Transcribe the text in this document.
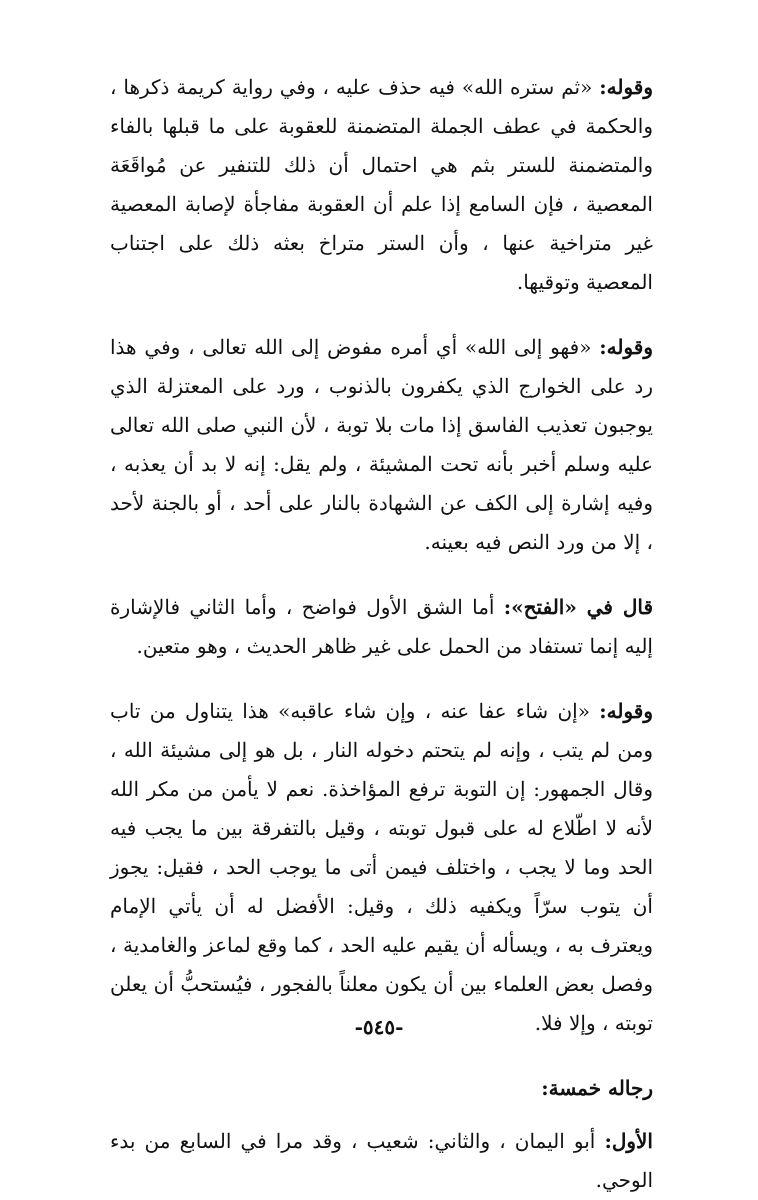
وقوله: «ثم ستره الله» فيه حذف عليه ، وفي رواية كريمة ذكرها ، والحكمة في عطف الجملة المتضمنة للعقوبة على ما قبلها بالفاء والمتضمنة للستر بثم هي احتمال أن ذلك للتنفير عن مُواقَعَة المعصية ، فإن السامع إذا علم أن العقوبة مفاجأة لإصابة المعصية غير متراخية عنها ، وأن الستر متراخ بعثه ذلك على اجتناب المعصية وتوقيها.

وقوله: «فهو إلى الله» أي أمره مفوض إلى الله تعالى ، وفي هذا رد على الخوارج الذي يكفرون بالذنوب ، ورد على المعتزلة الذي يوجبون تعذيب الفاسق إذا مات بلا توبة ، لأن النبي صلى الله تعالى عليه وسلم أخبر بأنه تحت المشيئة ، ولم يقل: إنه لا بد أن يعذبه ، وفيه إشارة إلى الكف عن الشهادة بالنار على أحد ، أو بالجنة لأحد ، إلا من ورد النص فيه بعينه.

قال في «الفتح»: أما الشق الأول فواضح ، وأما الثاني فالإشارة إليه إنما تستفاد من الحمل على غير ظاهر الحديث ، وهو متعين.

وقوله: «إن شاء عفا عنه ، وإن شاء عاقبه» هذا يتناول من تاب ومن لم يتب ، وإنه لم يتحتم دخوله النار ، بل هو إلى مشيئة الله ، وقال الجمهور: إن التوبة ترفع المؤاخذة. نعم لا يأمن من مكر الله لأنه لا اطّلاع له على قبول توبته ، وقيل بالتفرقة بين ما يجب فيه الحد وما لا يجب ، واختلف فيمن أتى ما يوجب الحد ، فقيل: يجوز أن يتوب سرّاً ويكفيه ذلك ، وقيل: الأفضل له أن يأتي الإمام ويعترف به ، ويسأله أن يقيم عليه الحد ، كما وقع لماعز والغامدية ، وفصل بعض العلماء بين أن يكون معلناً بالفجور ، فيُستحبُّ أن يعلن توبته ، وإلا فلا.

رجاله خمسة:

الأول: أبو اليمان ، والثاني: شعيب ، وقد مرا في السابع من بدء الوحي.

-٥٤٥-
